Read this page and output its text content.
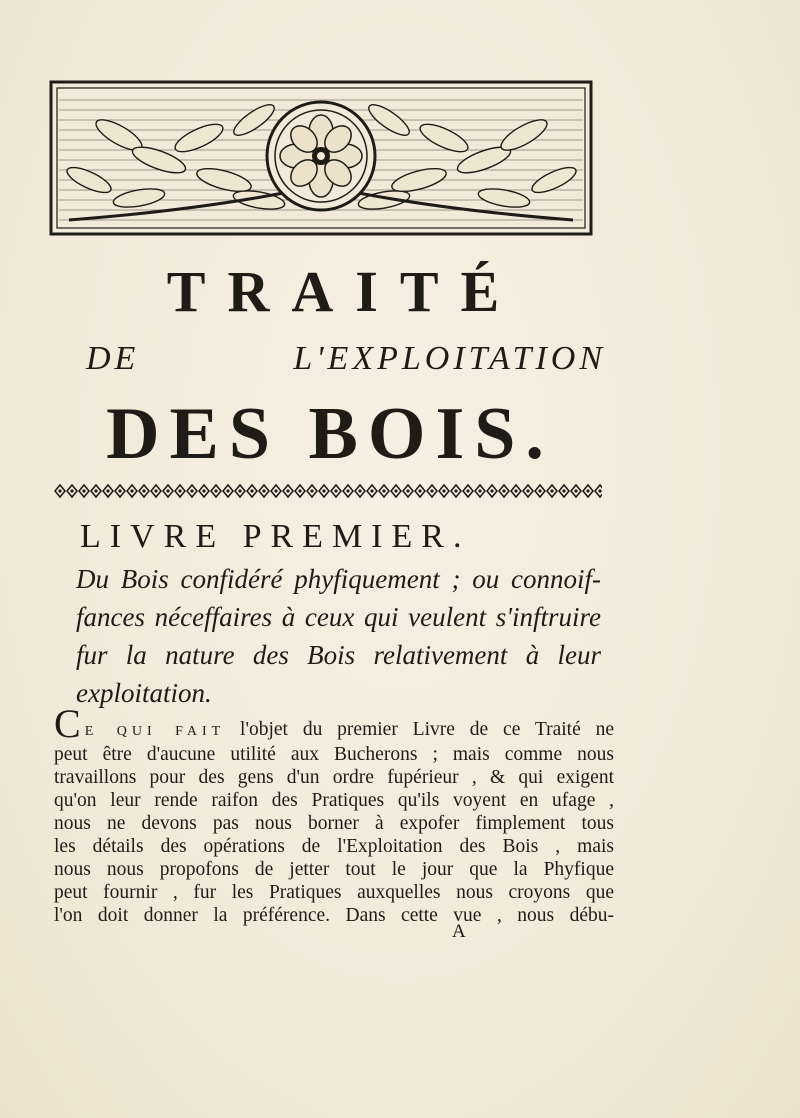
TRAITÉ
DE L'EXPLOITATION
DES BOIS.
LIVRE PREMIER.
Du Bois confidéré phyfiquement ; ou connoif-
fances néceffaires à ceux qui veulent s'inftruire
fur la nature des Bois relativement à leur
exploitation.
C E QUI FAIT l'objet du premier Livre de ce Traité ne
peut être d'aucune utilité aux Bucherons ; mais comme nous
travaillons pour des gens d'un ordre fupérieur , & qui exigent
qu'on leur rende raifon des Pratiques qu'ils voyent en ufage ,
nous ne devons pas nous borner à expofer fimplement tous
les détails des opérations de l'Exploitation des Bois , mais
nous nous propofons de jetter tout le jour que la Phyfique
peut fournir , fur les Pratiques auxquelles nous croyons que
l'on doit donner la préférence. Dans cette vue , nous débu-
A
